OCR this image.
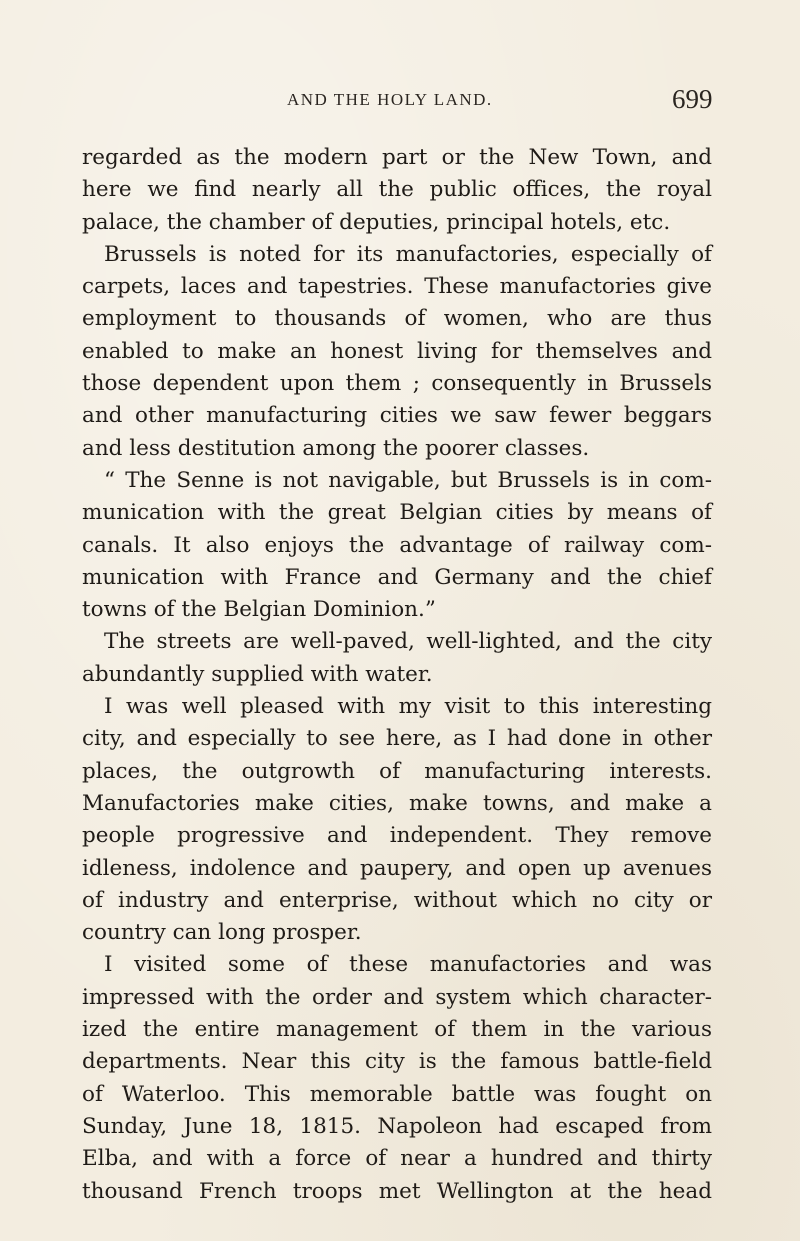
AND THE HOLY LAND.	699
regarded as the modern part or the New Town, and
here we find nearly all the public offices, the royal
palace, the chamber of deputies, principal hotels, etc.
Brussels is noted for its manufactories, especially of
carpets, laces and tapestries. These manufactories give
employment to thousands of women, who are thus
enabled to make an honest living for themselves and
those dependent upon them ; consequently in Brussels
and other manufacturing cities we saw fewer beggars
and less destitution among the poorer classes.
“ The Senne is not navigable, but Brussels is in com-
munication with the great Belgian cities by means of
canals. It also enjoys the advantage of railway com-
munication with France and Germany and the chief
towns of the Belgian Dominion.”
The streets are well-paved, well-lighted, and the city
abundantly supplied with water.
I was well pleased with my visit to this interesting
city, and especially to see here, as I had done in other
places, the outgrowth of manufacturing interests.
Manufactories make cities, make towns, and make a
people progressive and independent. They remove
idleness, indolence and paupery, and open up avenues
of industry and enterprise, without which no city or
country can long prosper.
I visited some of these manufactories and was
impressed with the order and system which character-
ized the entire management of them in the various
departments. Near this city is the famous battle-field
of Waterloo. This memorable battle was fought on
Sunday, June 18, 1815. Napoleon had escaped from
Elba, and with a force of near a hundred and thirty
thousand French troops met Wellington at the head
